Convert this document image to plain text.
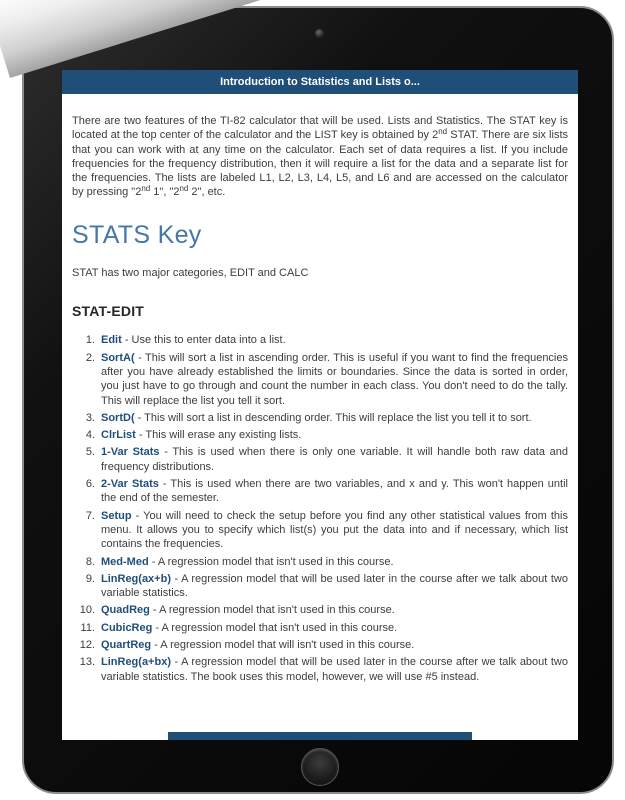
Introduction to Statistics and Lists o...

There are two features of the TI-82 calculator that will be used. Lists and Statistics. The STAT key is located at the top center of the calculator and the LIST key is obtained by 2nd STAT. There are six lists that you can work with at any time on the calculator. Each set of data requires a list. If you include frequencies for the frequency distribution, then it will require a list for the data and a separate list for the frequencies. The lists are labeled L1, L2, L3, L4, L5, and L6 and are accessed on the calculator by pressing "2nd 1", "2nd 2", etc.

STATS Key

STAT has two major categories, EDIT and CALC

STAT-EDIT
1. Edit - Use this to enter data into a list.
2. SortA( - This will sort a list in ascending order. This is useful if you want to find the frequencies after you have already established the limits or boundaries. Since the data is sorted in order, you just have to go through and count the number in each class. You don't need to do the tally. This will replace the list you tell it sort.
3. SortD( - This will sort a list in descending order. This will replace the list you tell it to sort.
4. ClrList - This will erase any existing lists.
5. 1-Var Stats - This is used when there is only one variable. It will handle both raw data and frequency distributions.
6. 2-Var Stats - This is used when there are two variables, and x and y. This won't happen until the end of the semester.
7. Setup - You will need to check the setup before you find any other statistical values from this menu. It allows you to specify which list(s) you put the data into and if necessary, which list contains the frequencies.
8. Med-Med - A regression model that isn't used in this course.
9. LinReg(ax+b) - A regression model that will be used later in the course after we talk about two variable statistics.
10. QuadReg - A regression model that isn't used in this course.
11. CubicReg - A regression model that isn't used in this course.
12. QuartReg - A regression model that will isn't used in this course.
13. LinReg(a+bx) - A regression model that will be used later in the course after we talk about two variable statistics. The book uses this model, however, we will use #5 instead.
